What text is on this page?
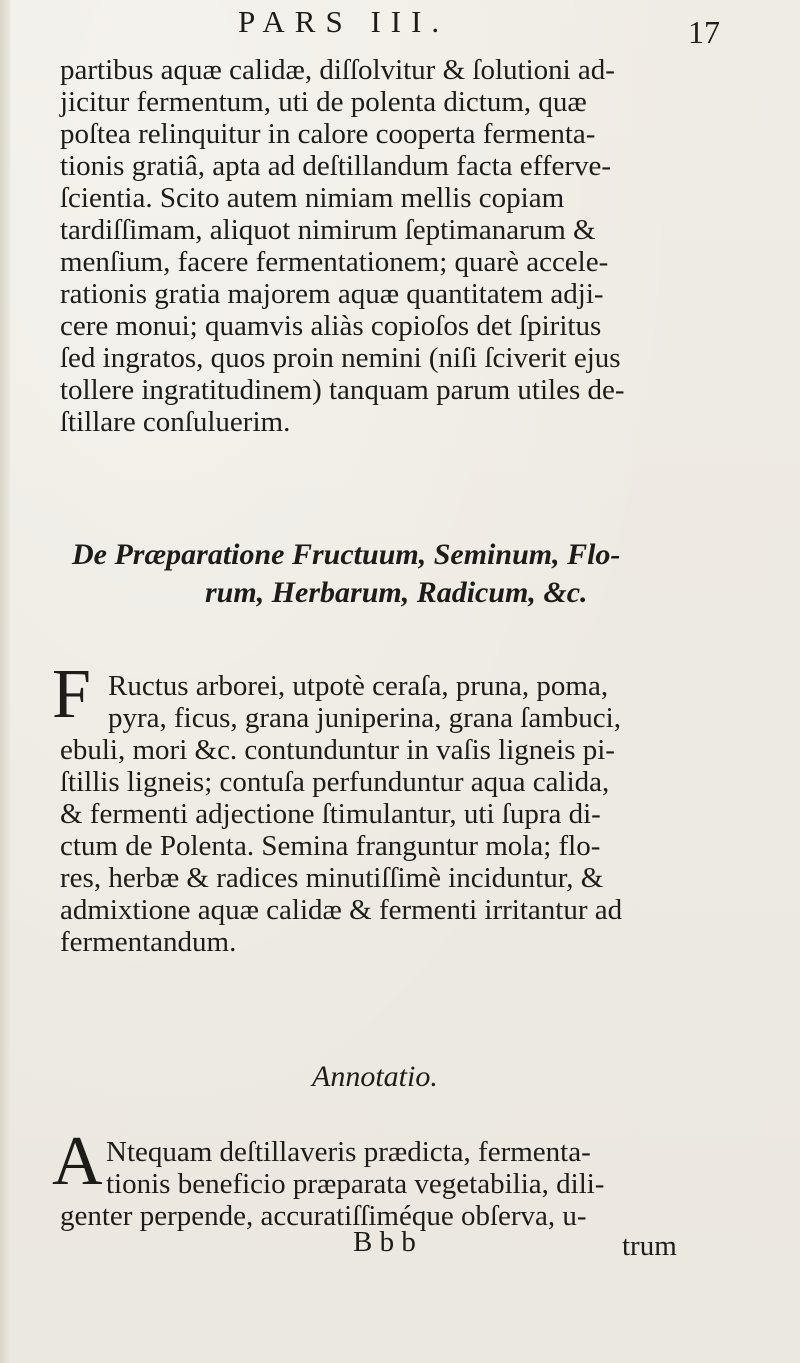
PARS III.	17
partibus aquæ calidæ, diſſolvitur & ſolutioni ad-
jicitur fermentum, uti de polenta dictum, quæ
poſtea relinquitur in calore cooperta fermenta-
tionis gratiâ, apta ad deſtillandum facta efferve-
ſcientia. Scito autem nimiam mellis copiam
tardiſſimam, aliquot nimirum ſeptimanarum &
menſium, facere fermentationem; quarè accele-
rationis gratia majorem aquæ quantitatem adji-
cere monui; quamvis aliàs copioſos det ſpiritus
ſed ingratos, quos proin nemini (niſi ſciverit ejus
tollere ingratitudinem) tanquam parum utiles de-
ſtillare conſuluerim.
De Præparatione Fructuum, Seminum, Flo-
rum, Herbarum, Radicum, &c.
F Ructus arborei, utpotè ceraſa, pruna, poma,
pyra, ficus, grana juniperina, grana ſambuci,
ebuli, mori &c. contunduntur in vaſis ligneis pi-
ſtillis ligneis; contuſa perfunduntur aqua calida,
& fermenti adjectione ſtimulantur, uti ſupra di-
ctum de Polenta. Semina franguntur mola; flo-
res, herbæ & radices minutiſſimè inciduntur, &
admixtione aquæ calidæ & fermenti irritantur ad
fermentandum.
Annotatio.
A Ntequam deſtillaveris prædicta, fermenta-
tionis beneficio præparata vegetabilia, dili-
genter perpende, accuratiſſiméque obſerva, u-
B b b	trum
